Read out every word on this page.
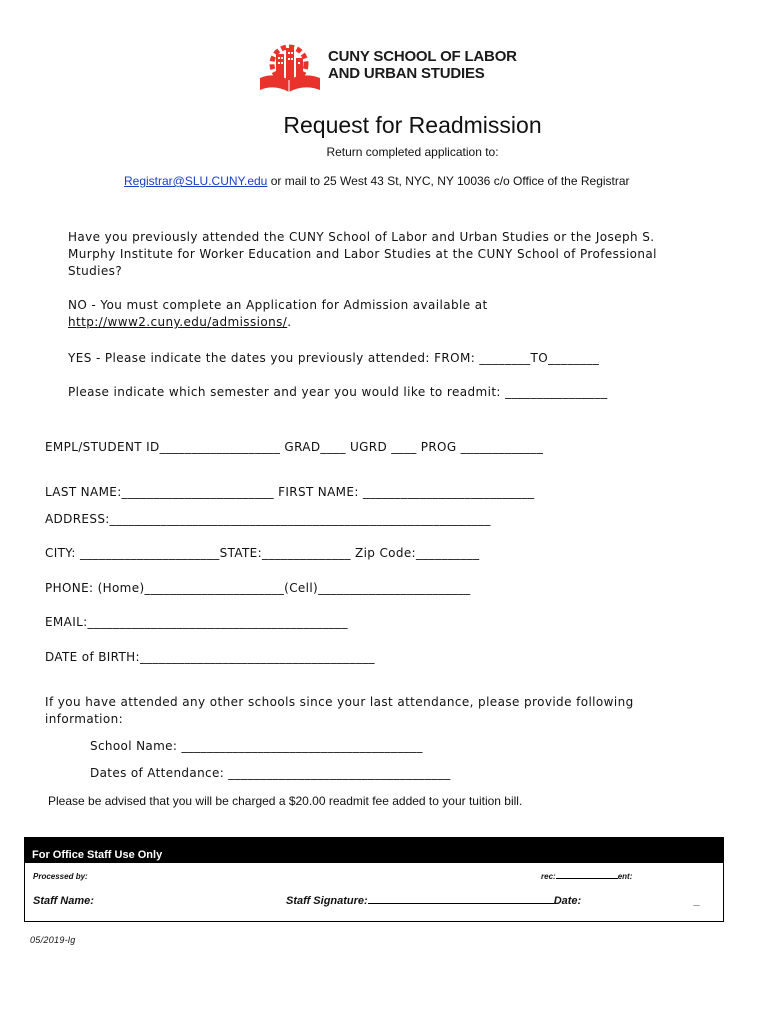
CUNY SCHOOL OF LABOR
AND URBAN STUDIES
Request for Readmission
Return completed application to:
Registrar@SLU.CUNY.edu or mail to 25 West 43 St, NYC, NY 10036 c/o Office of the Registrar
Have you previously attended the CUNY School of Labor and Urban Studies or the Joseph S.
Murphy Institute for Worker Education and Labor Studies at the CUNY School of Professional
Studies?
NO - You must complete an Application for Admission available at
http://www2.cuny.edu/admissions/.
YES - Please indicate the dates you previously attended: FROM: ________TO________
Please indicate which semester and year you would like to readmit: ________________
EMPL/STUDENT ID___________________ GRAD____ UGRD ____ PROG _____________
LAST NAME:________________________ FIRST NAME: ___________________________
ADDRESS:____________________________________________________________
CITY: ______________________STATE:______________ Zip Code:__________
PHONE: (Home)______________________(Cell)________________________
EMAIL:_________________________________________
DATE of BIRTH:_____________________________________
If you have attended any other schools since your last attendance, please provide following
information:
School Name: ______________________________________
Dates of Attendance: ___________________________________
Please be advised that you will be charged a $20.00 readmit fee added to your tuition bill.
For Office Staff Use Only
Processed by:	rec:	ent:
Staff Name:	Staff Signature:	Date:	_
05/2019-lg
